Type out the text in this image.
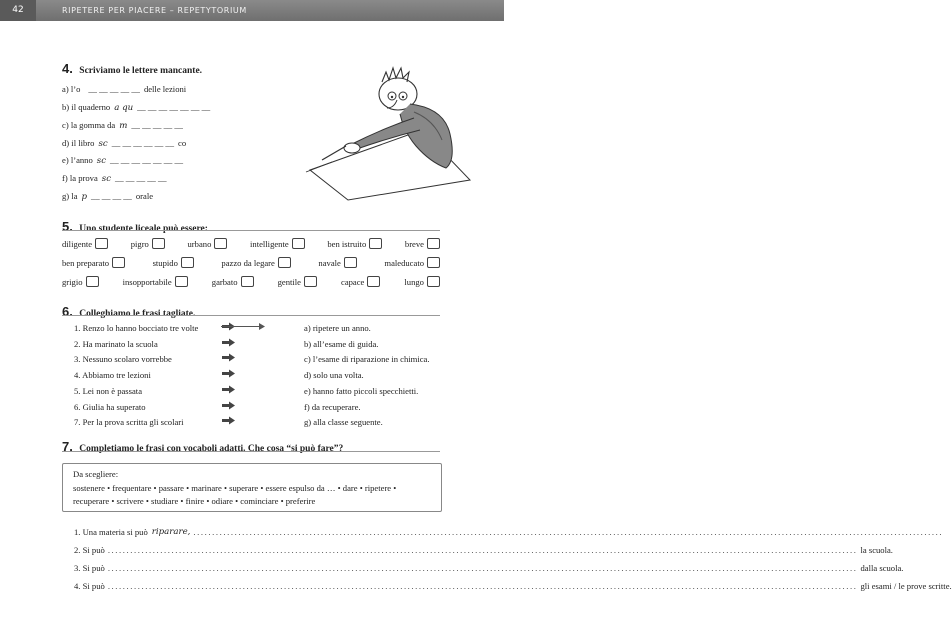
42	RIPETERE PER PIACERE – REPETYTORIUM
4. Scriviamo le lettere mancante.
a) l’o __ __ __ __ __ delle lezioni
b) il quaderno a qu __ __ __ __ __ __ __
c) la gomma da m __ __ __ __ __
d) il libro sc __ __ __ __ __ __ co
e) l’anno sc __ __ __ __ __ __ __
f) la prova sc __ __ __ __ __
g) la p __ __ __ __ orale
5. Uno studente liceale può essere:
diligente	pigro	urbano	intelligente	ben istruito	breve
ben preparato	stupido	pazzo da legare	navale	maleducato
grigio	insopportabile	garbato	gentile	capace	lungo
6. Colleghiamo le frasi tagliate.
1. Renzo lo hanno bocciato tre volte	a) ripetere un anno.
2. Ha marinato la scuola	b) all’esame di guida.
3. Nessuno scolaro vorrebbe	c) l’esame di riparazione in chimica.
4. Abbiamo tre lezioni	d) solo una volta.
5. Lei non è passata	e) hanno fatto piccoli specchietti.
6. Giulia ha superato	f) da recuperare.
7. Per la prova scritta gli scolari	g) alla classe seguente.
7. Completiamo le frasi con vocaboli adatti. Che cosa “si può fare”?
Da scegliere:
sostenere • frequentare • passare • marinare • superare • essere espulso da … • dare • ripetere •
recuperare • scrivere • studiare • finire • odiare • cominciare • preferire
1. Una materia si può riparare, ........................................................................................................................................................................................................
2. Si può ........................................................................................................................................................................................................ la scuola.
3. Si può ........................................................................................................................................................................................................ dalla scuola.
4. Si può ........................................................................................................................................................................................................ gli esami / le prove scritte.
